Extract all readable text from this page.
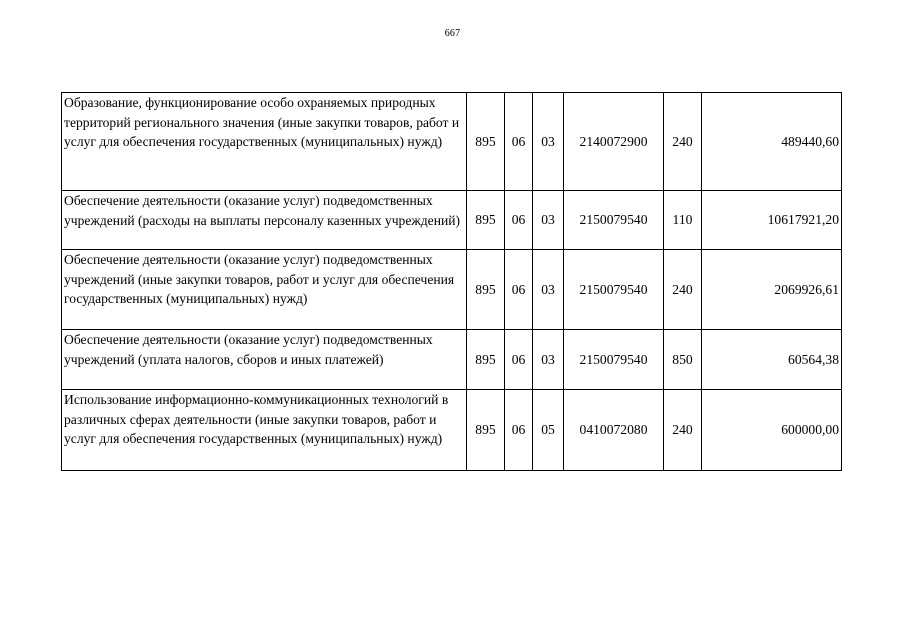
667
Образование, функционирование особо охраняемых природных территорий регионального значения (иные закупки товаров, работ и услуг для обеспечения государственных (муниципальных) нужд)	895	06	03	2140072900	240	489440,60
Обеспечение деятельности (оказание услуг) подведомственных учреждений (расходы на выплаты персоналу казенных учреждений)	895	06	03	2150079540	110	10617921,20
Обеспечение деятельности (оказание услуг) подведомственных учреждений (иные закупки товаров, работ и услуг для обеспечения государственных (муниципальных) нужд)	895	06	03	2150079540	240	2069926,61
Обеспечение деятельности (оказание услуг) подведомственных учреждений (уплата налогов, сборов и иных платежей)	895	06	03	2150079540	850	60564,38
Использование информационно-коммуникационных технологий в различных сферах деятельности (иные закупки товаров, работ и услуг для обеспечения государственных (муниципальных) нужд)	895	06	05	0410072080	240	600000,00
